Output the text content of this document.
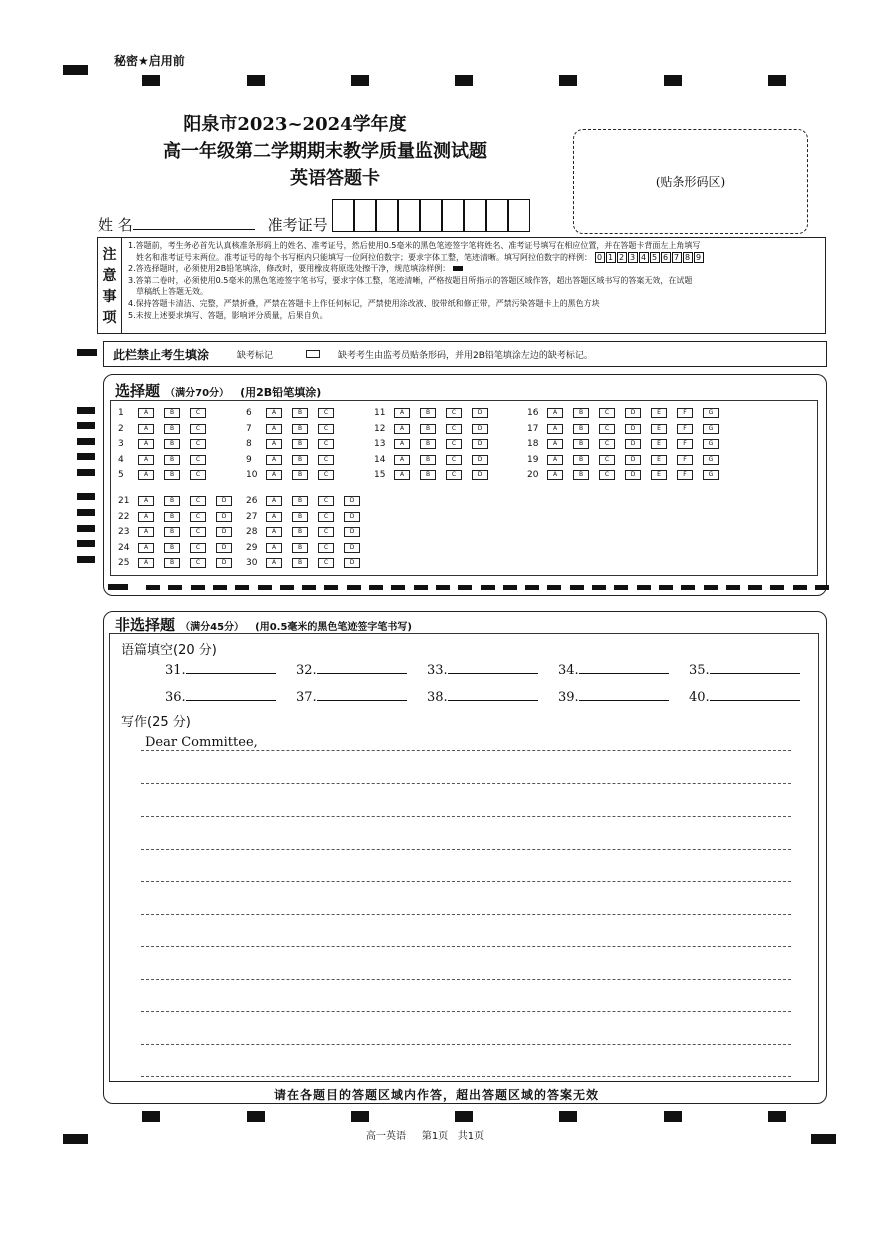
秘密★启用前
阳泉市2023~2024学年度
高一年级第二学期期末教学质量监测试题
英语答题卡	(贴条形码区)
姓 名	准考证号
注
意
事
项
1.答题前，考生务必首先认真核准条形码上的姓名、准考证号，然后使用0.5毫米的黑色笔迹签字笔将姓名、准考证号填写在相应位置，并在答题卡背面左上角填写
姓名和准考证号末两位。准考证号的每个书写框内只能填写一位阿拉伯数字；要求字体工整，笔迹清晰。填写阿拉伯数字的样例： 0 1 2 3 4 5 6 7 8 9
2.答选择题时，必须使用2B铅笔填涂，修改时，要用橡皮将原选处擦干净，规范填涂样例：
3.答第二卷时，必须使用0.5毫米的黑色笔迹签字笔书写，要求字体工整，笔迹清晰，严格按题目所指示的答题区域作答，超出答题区域书写的答案无效，在试题
草稿纸上答题无效。
4.保持答题卡清洁、完整，严禁折叠，严禁在答题卡上作任何标记，严禁使用涂改液、胶带纸和修正带，严禁污染答题卡上的黑色方块
5.未按上述要求填写、答题，影响评分质量，后果自负。
此栏禁止考生填涂	缺考标记	缺考考生由监考员贴条形码，并用2B铅笔填涂左边的缺考标记。
选择题 （满分70分） (用2B铅笔填涂)
1	A	B	C
2	A	B	C
3	A	B	C
4	A	B	C
5	A	B	C
6	A	B	C
7	A	B	C
8	A	B	C
9	A	B	C
10	A	B	C
11	A	B	C	D
12	A	B	C	D
13	A	B	C	D
14	A	B	C	D
15	A	B	C	D
16	A	B	C	D	E	F	G
17	A	B	C	D	E	F	G
18	A	B	C	D	E	F	G
19	A	B	C	D	E	F	G
20	A	B	C	D	E	F	G
21	A	B	C	D
22	A	B	C	D
23	A	B	C	D
24	A	B	C	D
25	A	B	C	D
26	A	B	C	D
27	A	B	C	D
28	A	B	C	D
29	A	B	C	D
30	A	B	C	D
非选择题 （满分45分） (用0.5毫米的黑色笔迹签字笔书写)
语篇填空(20 分)
31.	32.	33.	34.	35.
36.	37.	38.	39.	40.
写作(25 分)
Dear Committee,
请在各题目的答题区域内作答，超出答题区域的答案无效
高一英语     第1页   共1页
